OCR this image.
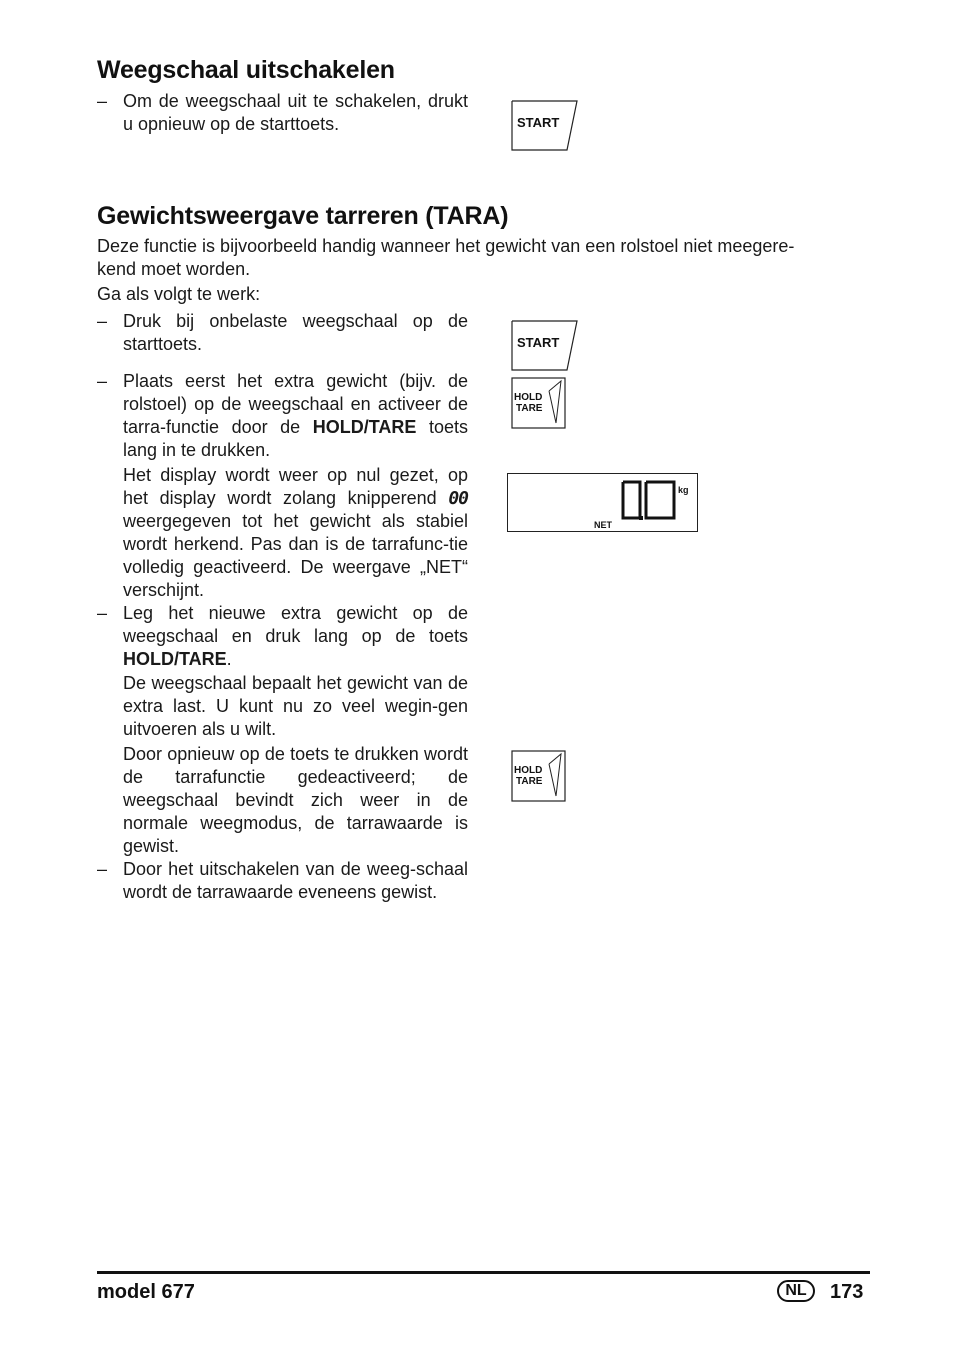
Weegschaal uitschakelen
– Om de weegschaal uit te schakelen, drukt u opnieuw op de starttoets.	START
Gewichtsweergave tarreren (TARA)

Deze functie is bijvoorbeeld handig wanneer het gewicht van een rolstoel niet meegere-

kend moet worden.

Ga als volgt te werk:

– Druk bij onbelaste weegschaal op de starttoets.	START
– Plaats eerst het extra gewicht (bijv. de rolstoel) op de weegschaal en activeer de tarra-functie door de HOLD/TARE toets lang in te drukken.

HOLD
TARE

Het display wordt weer op nul gezet, op het display wordt zolang knipperend 00 weergegeven tot het gewicht als stabiel wordt herkend. Pas dan is de tarrafunc-tie volledig geactiveerd. De weergave „NET“ verschijnt.

kg
NET
– Leg het nieuwe extra gewicht op de weegschaal en druk lang op de toets HOLD/TARE.

De weegschaal bepaalt het gewicht van de extra last. U kunt nu zo veel wegin-gen uitvoeren als u wilt.

Door opnieuw op de toets te drukken wordt de tarrafunctie gedeactiveerd; de weegschaal bevindt zich weer in de normale weegmodus, de tarrawaarde is gewist.

HOLD
TARE
– Door het uitschakelen van de weeg-schaal wordt de tarrawaarde eveneens gewist.

model 677	NL	173
